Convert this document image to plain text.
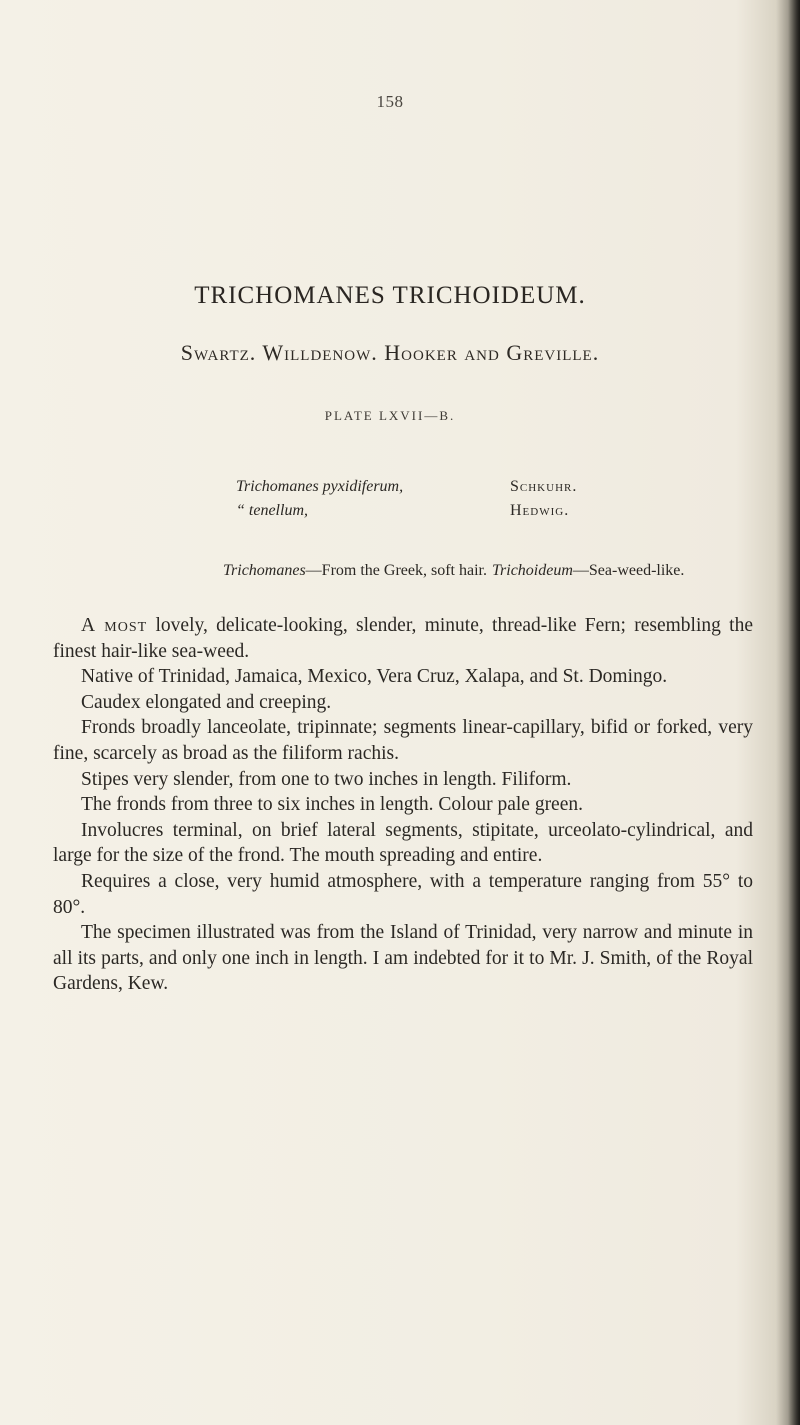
158
TRICHOMANES TRICHOIDEUM.
Swartz. Willdenow. Hooker and Greville.
PLATE LXVII—B.
Trichomanes pyxidiferum,	Schkuhr.
“ tenellum,	Hedwig.
Trichomanes—From the Greek, soft hair. Trichoideum—Sea-weed-like.

A most lovely, delicate-looking, slender, minute, thread-like Fern; resembling the finest hair-like sea-weed.

Native of Trinidad, Jamaica, Mexico, Vera Cruz, Xalapa, and St. Domingo.

Caudex elongated and creeping.

Fronds broadly lanceolate, tripinnate; segments linear-capillary, bifid or forked, very fine, scarcely as broad as the filiform rachis.

Stipes very slender, from one to two inches in length. Filiform.

The fronds from three to six inches in length. Colour pale green.

Involucres terminal, on brief lateral segments, stipitate, urceolato-cylindrical, and large for the size of the frond. The mouth spreading and entire.

Requires a close, very humid atmosphere, with a temperature ranging from 55° to 80°.

The specimen illustrated was from the Island of Trinidad, very narrow and minute in all its parts, and only one inch in length. I am indebted for it to Mr. J. Smith, of the Royal Gardens, Kew.
